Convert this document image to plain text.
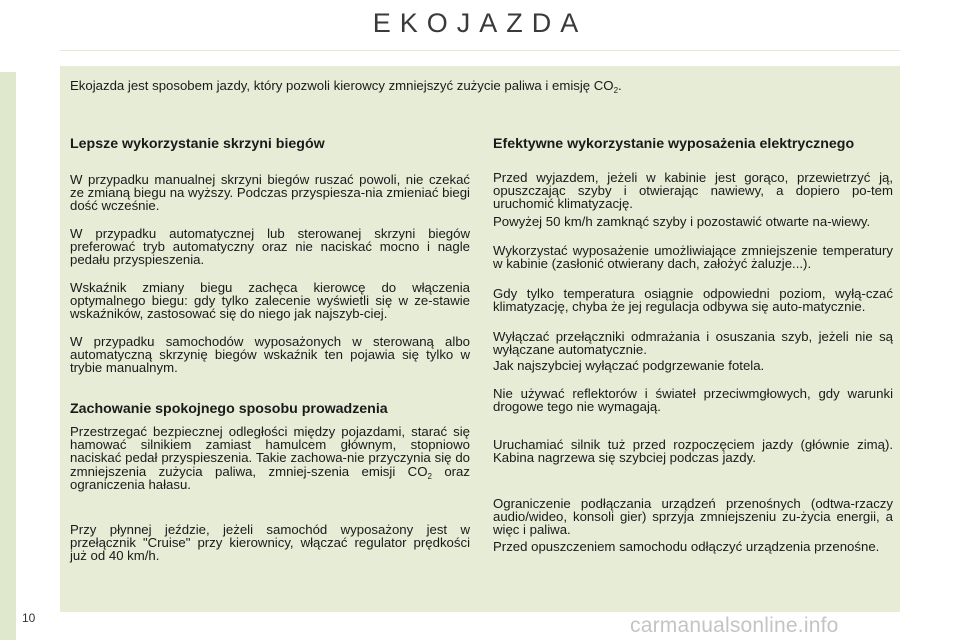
EKOJAZDA
Ekojazda jest sposobem jazdy, który pozwoli kierowcy zmniejszyć zużycie paliwa i emisję $CO_2$.
Lepsze wykorzystanie skrzyni biegów

W przypadku manualnej skrzyni biegów ruszać powoli, nie czekać ze zmianą biegu na wyższy. Podczas przyspiesza-nia zmieniać biegi dość wcześnie.

W przypadku automatycznej lub sterowanej skrzyni biegów preferować tryb automatyczny oraz nie naciskać mocno i nagle pedału przyspieszenia.

Wskaźnik zmiany biegu zachęca kierowcę do włączenia optymalnego biegu: gdy tylko zalecenie wyświetli się w ze-stawie wskaźników, zastosować się do niego jak najszyb-ciej.

W przypadku samochodów wyposażonych w sterowaną albo automatyczną skrzynię biegów wskaźnik ten pojawia się tylko w trybie manualnym.

Zachowanie spokojnego sposobu prowadzenia

Przestrzegać bezpiecznej odległości między pojazdami, starać się hamować silnikiem zamiast hamulcem głównym, stopniowo naciskać pedał przyspieszenia. Takie zachowa-nie przyczynia się do zmniejszenia zużycia paliwa, zmniej-szenia emisji $CO_2$ oraz ograniczenia hałasu.

Przy płynnej jeździe, jeżeli samochód wyposażony jest w przełącznik "Cruise" przy kierownicy, włączać regulator prędkości już od 40 km/h.

Efektywne wykorzystanie wyposażenia elektrycznego

Przed wyjazdem, jeżeli w kabinie jest gorąco, przewietrzyć ją, opuszczając szyby i otwierając nawiewy, a dopiero po-tem uruchomić klimatyzację.

Powyżej 50 km/h zamknąć szyby i pozostawić otwarte na-wiewy.

Wykorzystać wyposażenie umożliwiające zmniejszenie temperatury w kabinie (zasłonić otwierany dach, założyć żaluzje...).

Gdy tylko temperatura osiągnie odpowiedni poziom, wyłą-czać klimatyzację, chyba że jej regulacja odbywa się auto-matycznie.

Wyłączać przełączniki odmrażania i osuszania szyb, jeżeli nie są wyłączane automatycznie.

Jak najszybciej wyłączać podgrzewanie fotela.

Nie używać reflektorów i świateł przeciwmgłowych, gdy warunki drogowe tego nie wymagają.

Uruchamiać silnik tuż przed rozpoczęciem jazdy (głównie zimą). Kabina nagrzewa się szybciej podczas jazdy.

Ograniczenie podłączania urządzeń przenośnych (odtwa-rzaczy audio/wideo, konsoli gier) sprzyja zmniejszeniu zu-życia energii, a więc i paliwa.

Przed opuszczeniem samochodu odłączyć urządzenia przenośne.

10	carmanualsonline.info
